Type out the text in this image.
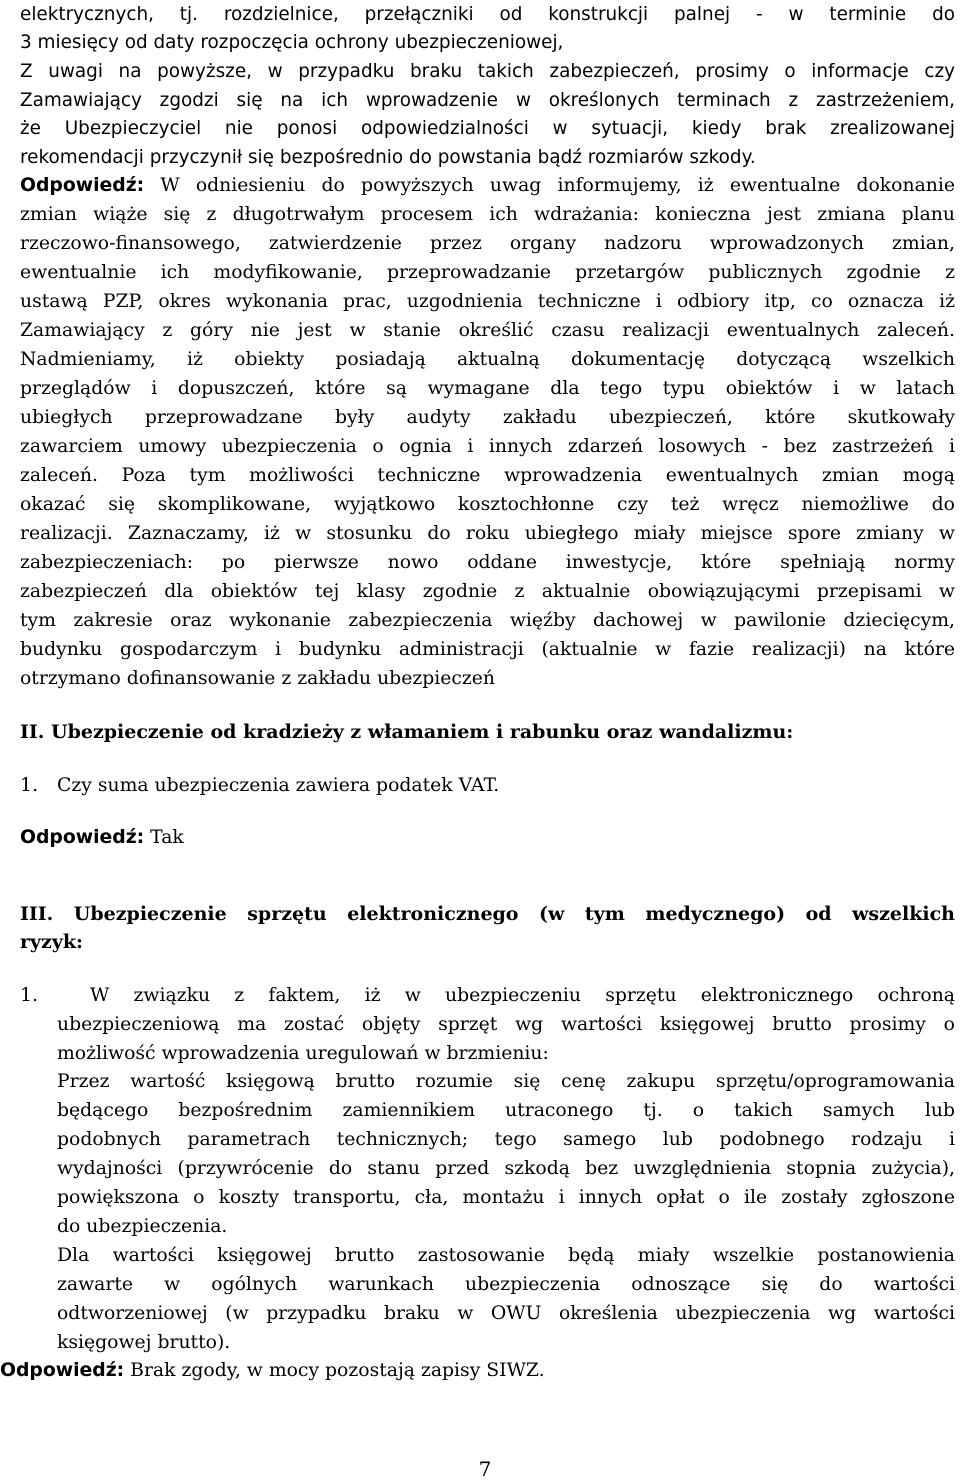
elektrycznych, tj. rozdzielnice, przełączniki od konstrukcji palnej - w terminie do
3 miesięcy od daty rozpoczęcia ochrony ubezpieczeniowej,
Z uwagi na powyższe, w przypadku braku takich zabezpieczeń, prosimy o informacje czy
Zamawiający zgodzi się na ich wprowadzenie w określonych terminach z zastrzeżeniem,
że Ubezpieczyciel nie ponosi odpowiedzialności w sytuacji, kiedy brak zrealizowanej
rekomendacji przyczynił się bezpośrednio do powstania bądź rozmiarów szkody.
Odpowiedź: W odniesieniu do powyższych uwag informujemy, iż ewentualne dokonanie
zmian wiąże się z długotrwałym procesem ich wdrażania: konieczna jest zmiana planu
rzeczowo-finansowego, zatwierdzenie przez organy nadzoru wprowadzonych zmian,
ewentualnie ich modyfikowanie, przeprowadzanie przetargów publicznych zgodnie z
ustawą PZP, okres wykonania prac, uzgodnienia techniczne i odbiory itp, co oznacza iż
Zamawiający z góry nie jest w stanie określić czasu realizacji ewentualnych zaleceń.
Nadmieniamy, iż obiekty posiadają aktualną dokumentację dotyczącą wszelkich
przeglądów i dopuszczeń, które są wymagane dla tego typu obiektów i w latach
ubiegłych przeprowadzane były audyty zakładu ubezpieczeń, które skutkowały
zawarciem umowy ubezpieczenia o ognia i innych zdarzeń losowych - bez zastrzeżeń i
zaleceń. Poza tym możliwości techniczne wprowadzenia ewentualnych zmian mogą
okazać się skomplikowane, wyjątkowo kosztochłonne czy też wręcz niemożliwe do
realizacji. Zaznaczamy, iż w stosunku do roku ubiegłego miały miejsce spore zmiany w
zabezpieczeniach: po pierwsze nowo oddane inwestycje, które spełniają normy
zabezpieczeń dla obiektów tej klasy zgodnie z aktualnie obowiązującymi przepisami w
tym zakresie oraz wykonanie zabezpieczenia więźby dachowej w pawilonie dziecięcym,
budynku gospodarczym i budynku administracji (aktualnie w fazie realizacji) na które
otrzymano dofinansowanie z zakładu ubezpieczeń
II. Ubezpieczenie od kradzieży z włamaniem i rabunku oraz wandalizmu:
1. Czy suma ubezpieczenia zawiera podatek VAT.
Odpowiedź: Tak
III. Ubezpieczenie sprzętu elektronicznego (w tym medycznego) od wszelkich
ryzyk:
1.	W związku z faktem, iż w ubezpieczeniu sprzętu elektronicznego ochroną
ubezpieczeniową ma zostać objęty sprzęt wg wartości księgowej brutto prosimy o
możliwość wprowadzenia uregulowań w brzmieniu:
Przez wartość księgową brutto rozumie się cenę zakupu sprzętu/oprogramowania
będącego bezpośrednim zamiennikiem utraconego tj. o takich samych lub
podobnych parametrach technicznych; tego samego lub podobnego rodzaju i
wydajności (przywrócenie do stanu przed szkodą bez uwzględnienia stopnia zużycia),
powiększona o koszty transportu, cła, montażu i innych opłat o ile zostały zgłoszone
do ubezpieczenia.
Dla wartości księgowej brutto zastosowanie będą miały wszelkie postanowienia
zawarte w ogólnych warunkach ubezpieczenia odnoszące się do wartości
odtworzeniowej (w przypadku braku w OWU określenia ubezpieczenia wg wartości
księgowej brutto).
Odpowiedź: Brak zgody, w mocy pozostają zapisy SIWZ.
7
